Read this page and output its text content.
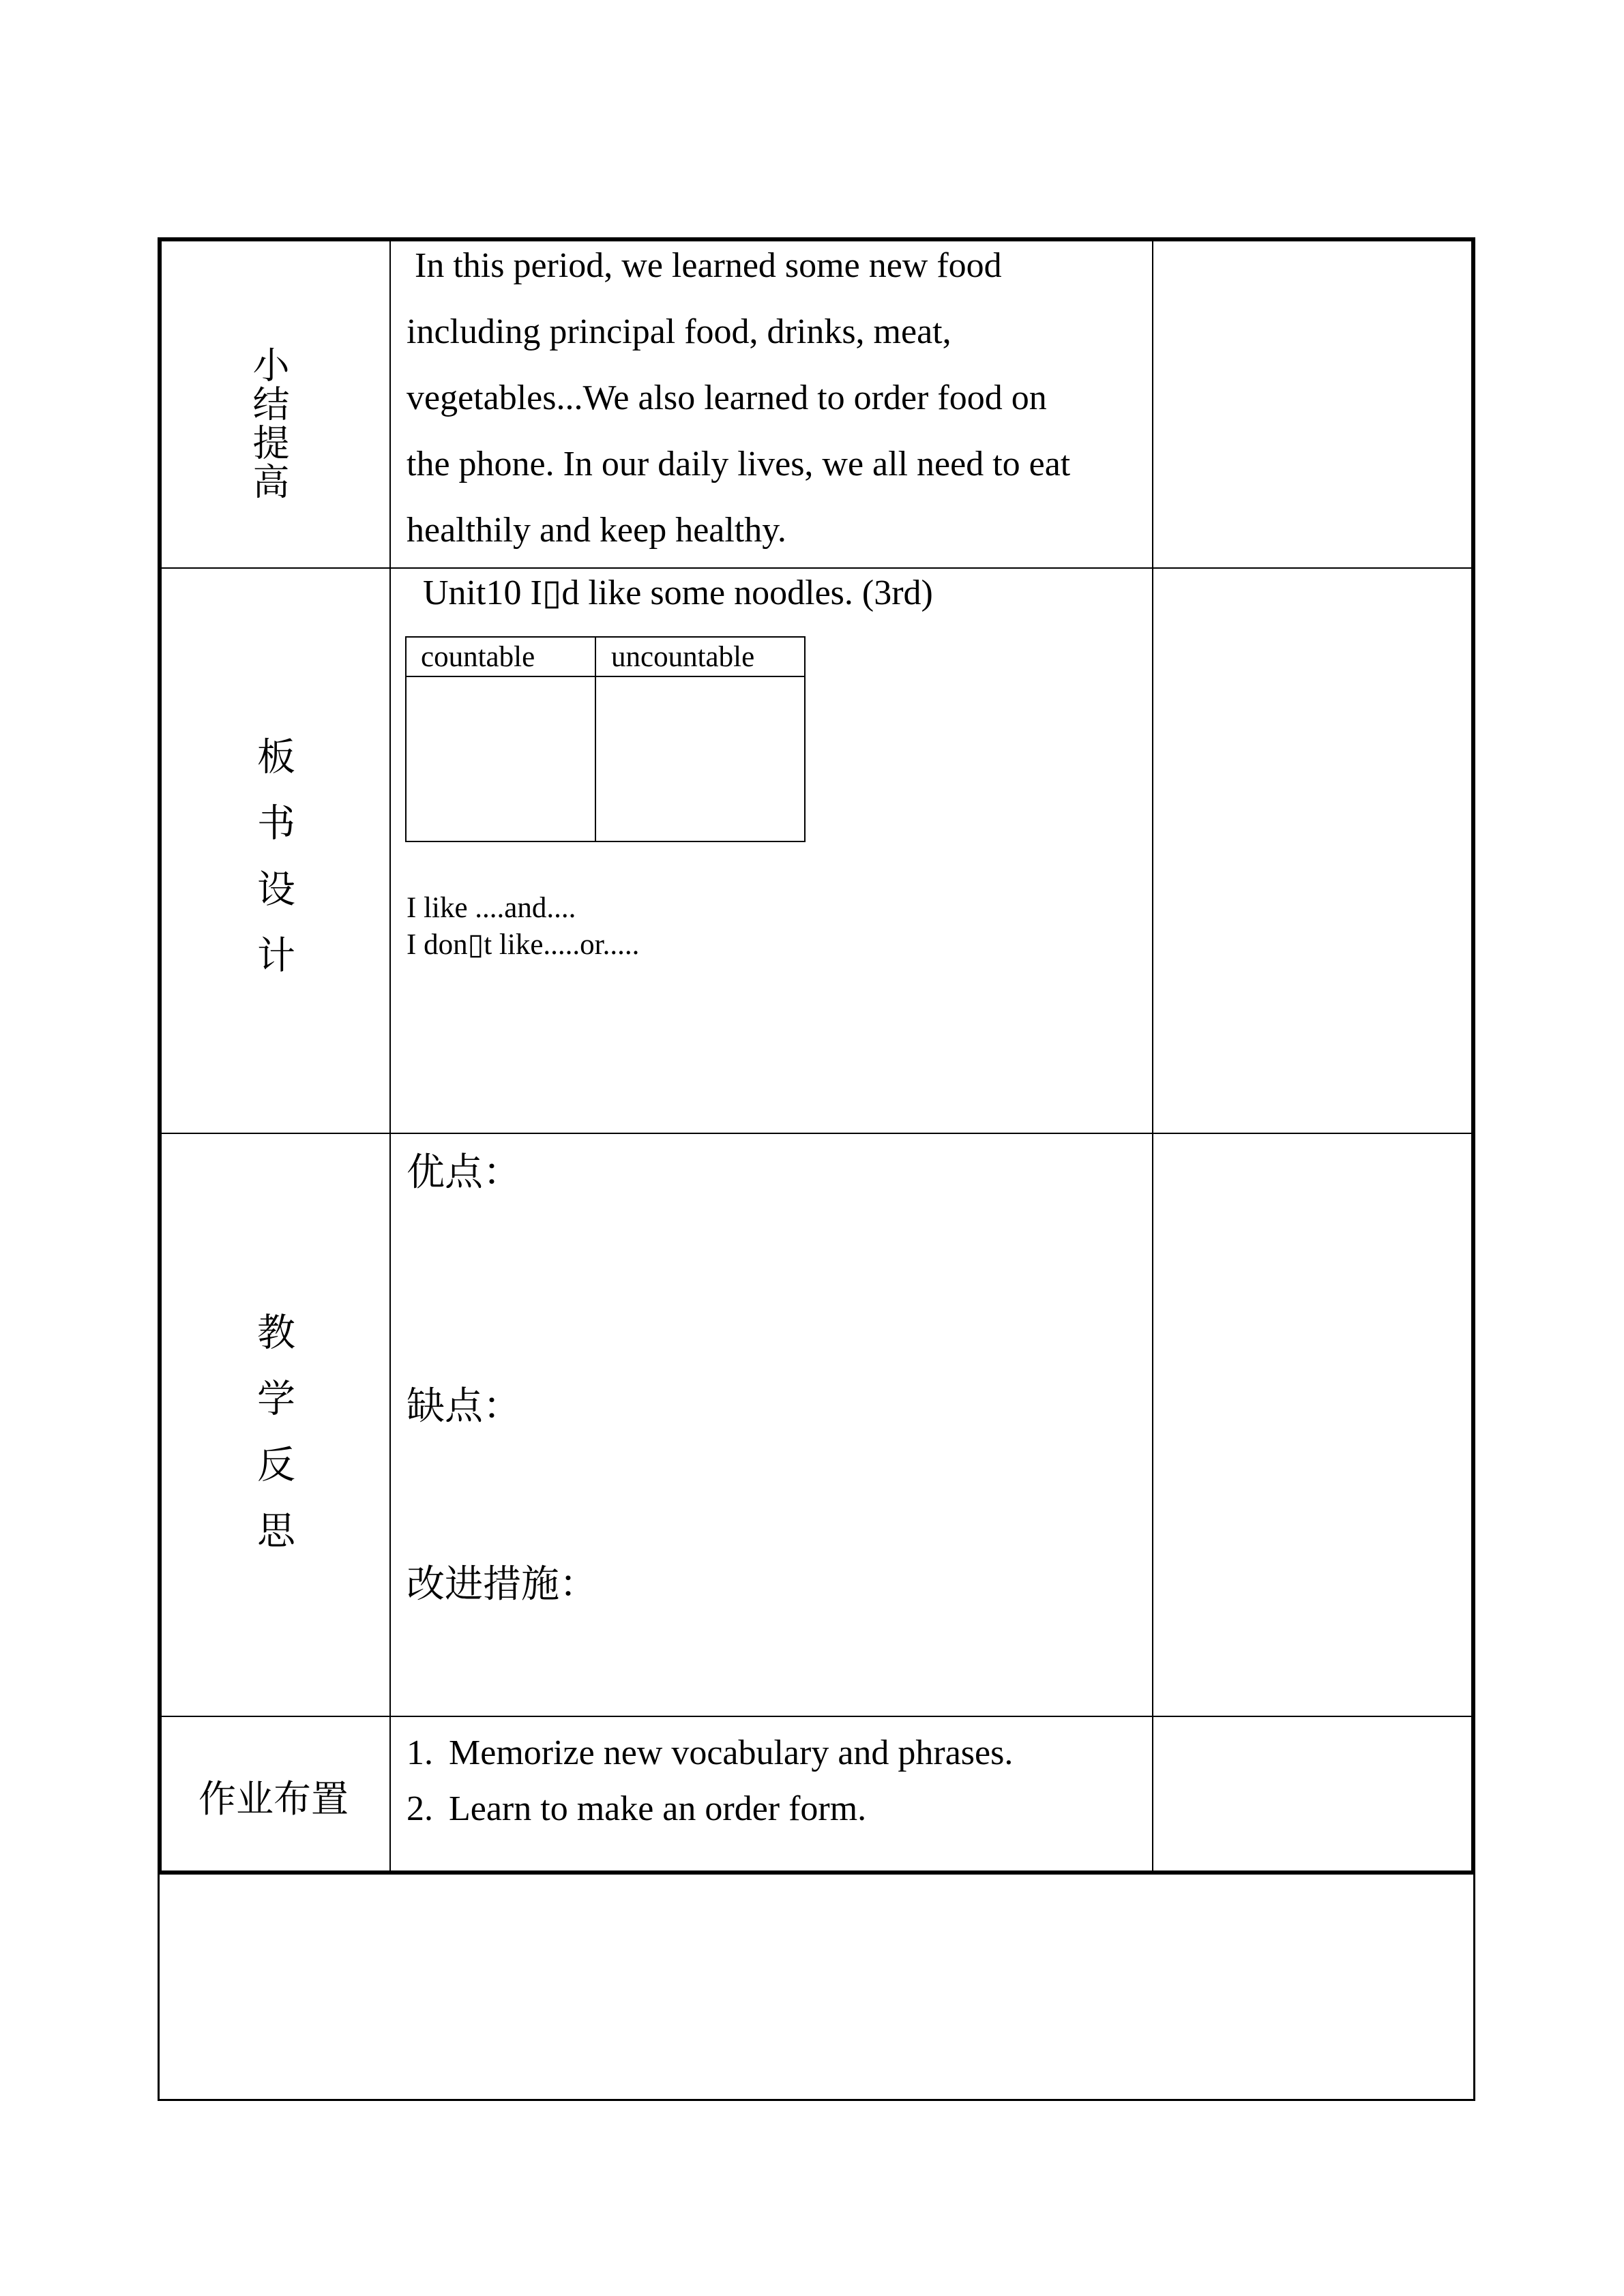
小结提高
In this period, we learned some new food
including principal food, drinks, meat,
vegetables...We also learned to order food on
the phone. In our daily lives, we all need to eat
healthily and keep healthy.
板书设计
Unit10 I▯d like some noodles. (3rd)
countable	uncountable
I like ....and....
I don▯t like.....or.....
教学反思
优点：
缺点：
改进措施：
作业布置
1. Memorize new vocabulary and phrases.
2. Learn to make an order form.
